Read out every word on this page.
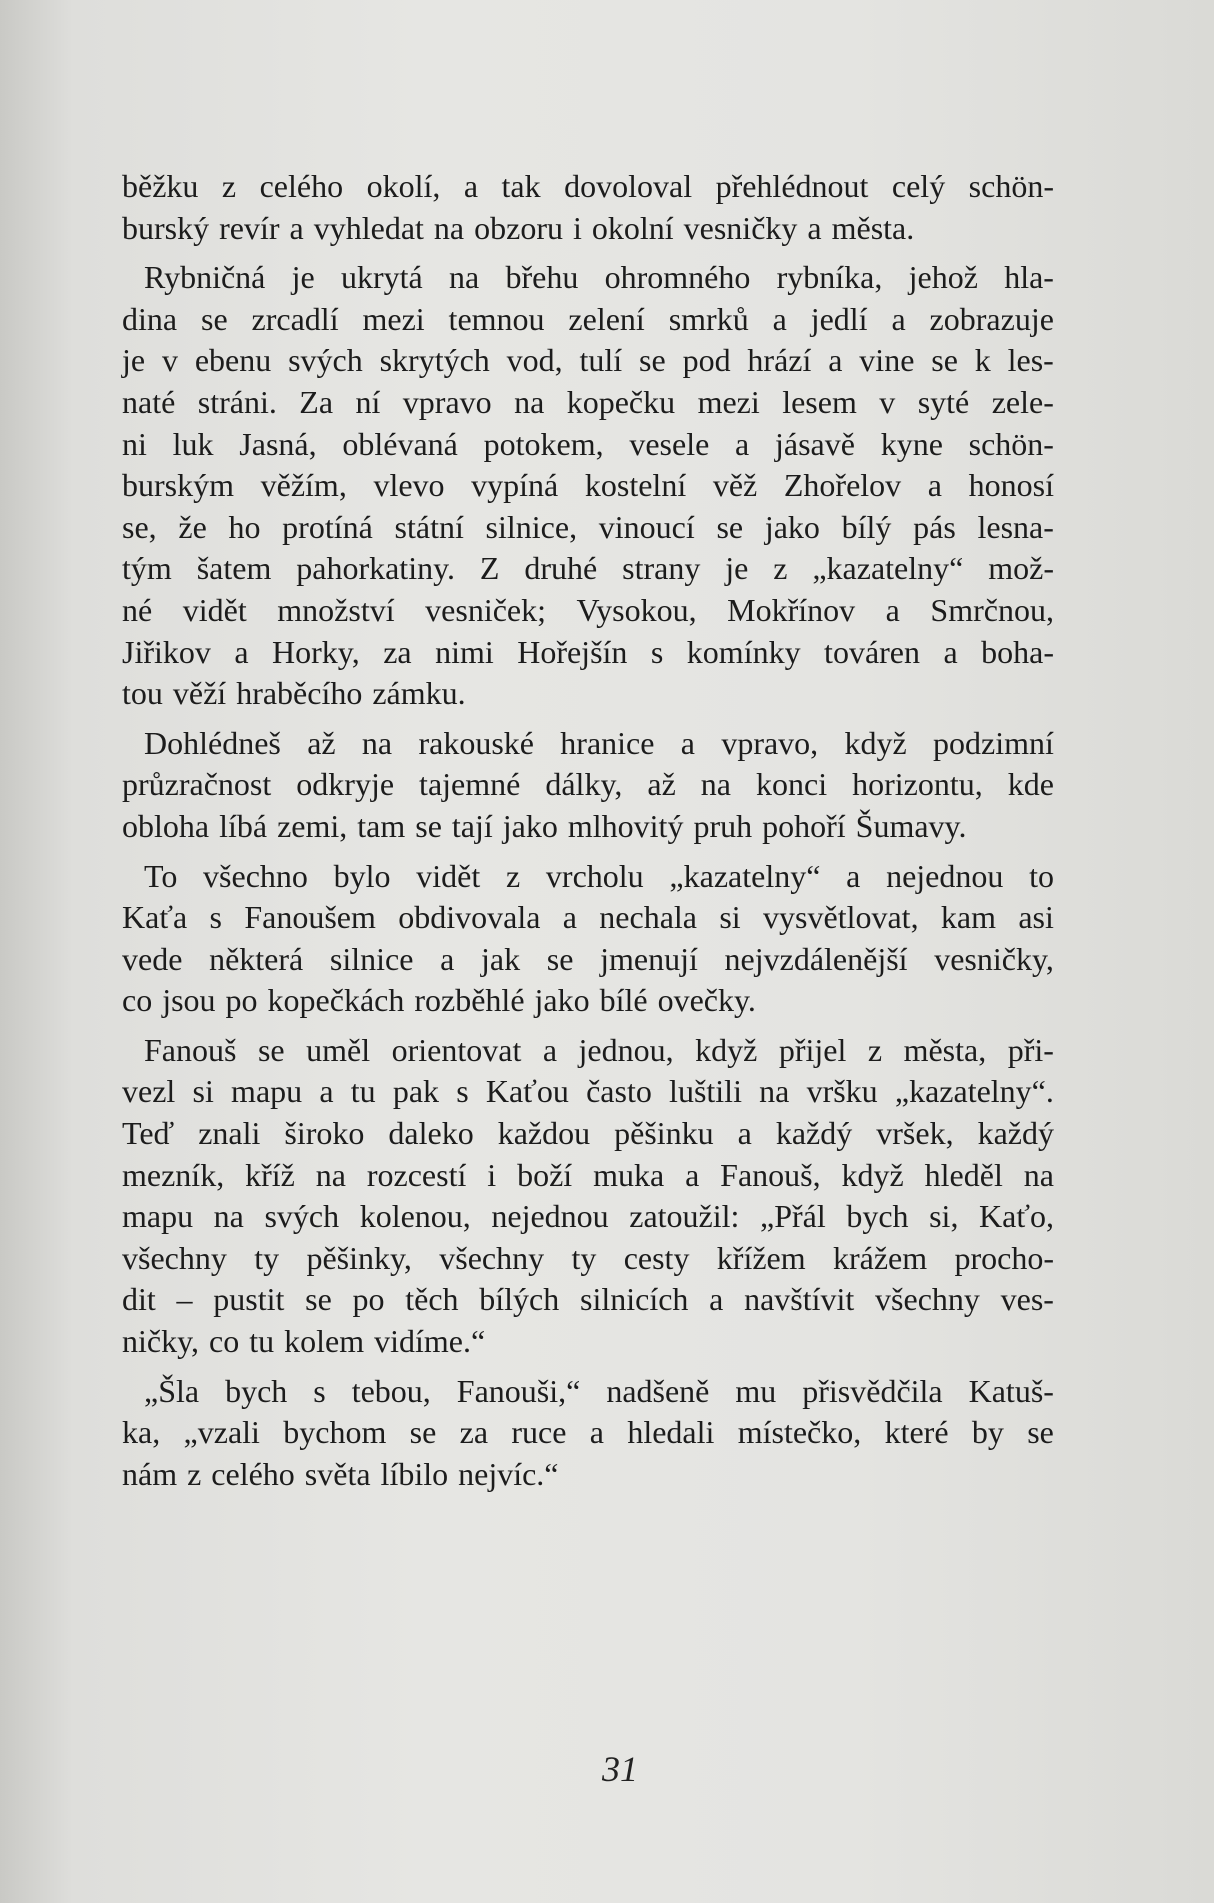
běžku z celého okolí, a tak dovoloval přehlédnout celý schön-
burský revír a vyhledat na obzoru i okolní vesničky a města.
Rybničná je ukrytá na břehu ohromného rybníka, jehož hla-
dina se zrcadlí mezi temnou zelení smrků a jedlí a zobrazuje
je v ebenu svých skrytých vod, tulí se pod hrází a vine se k les-
naté stráni. Za ní vpravo na kopečku mezi lesem v syté zele-
ni luk Jasná, oblévaná potokem, vesele a jásavě kyne schön-
burským věžím, vlevo vypíná kostelní věž Zhořelov a honosí
se, že ho protíná státní silnice, vinoucí se jako bílý pás lesna-
tým šatem pahorkatiny. Z druhé strany je z „kazatelny“ mož-
né vidět množství vesniček; Vysokou, Mokřínov a Smrčnou,
Jiřikov a Horky, za nimi Hořejšín s komínky továren a boha-
tou věží hraběcího zámku.
Dohlédneš až na rakouské hranice a vpravo, když podzimní
průzračnost odkryje tajemné dálky, až na konci horizontu, kde
obloha líbá zemi, tam se tají jako mlhovitý pruh pohoří Šumavy.
To všechno bylo vidět z vrcholu „kazatelny“ a nejednou to
Kaťa s Fanoušem obdivovala a nechala si vysvětlovat, kam asi
vede některá silnice a jak se jmenují nejvzdálenější vesničky,
co jsou po kopečkách rozběhlé jako bílé ovečky.
Fanouš se uměl orientovat a jednou, když přijel z města, při-
vezl si mapu a tu pak s Kaťou často luštili na vršku „kazatelny“.
Teď znali široko daleko každou pěšinku a každý vršek, každý
mezník, kříž na rozcestí i boží muka a Fanouš, když hleděl na
mapu na svých kolenou, nejednou zatoužil: „Přál bych si, Kaťo,
všechny ty pěšinky, všechny ty cesty křížem krážem procho-
dit – pustit se po těch bílých silnicích a navštívit všechny ves-
ničky, co tu kolem vidíme.“
„Šla bych s tebou, Fanouši,“ nadšeně mu přisvědčila Katuš-
ka, „vzali bychom se za ruce a hledali místečko, které by se
nám z celého světa líbilo nejvíc.“
31
